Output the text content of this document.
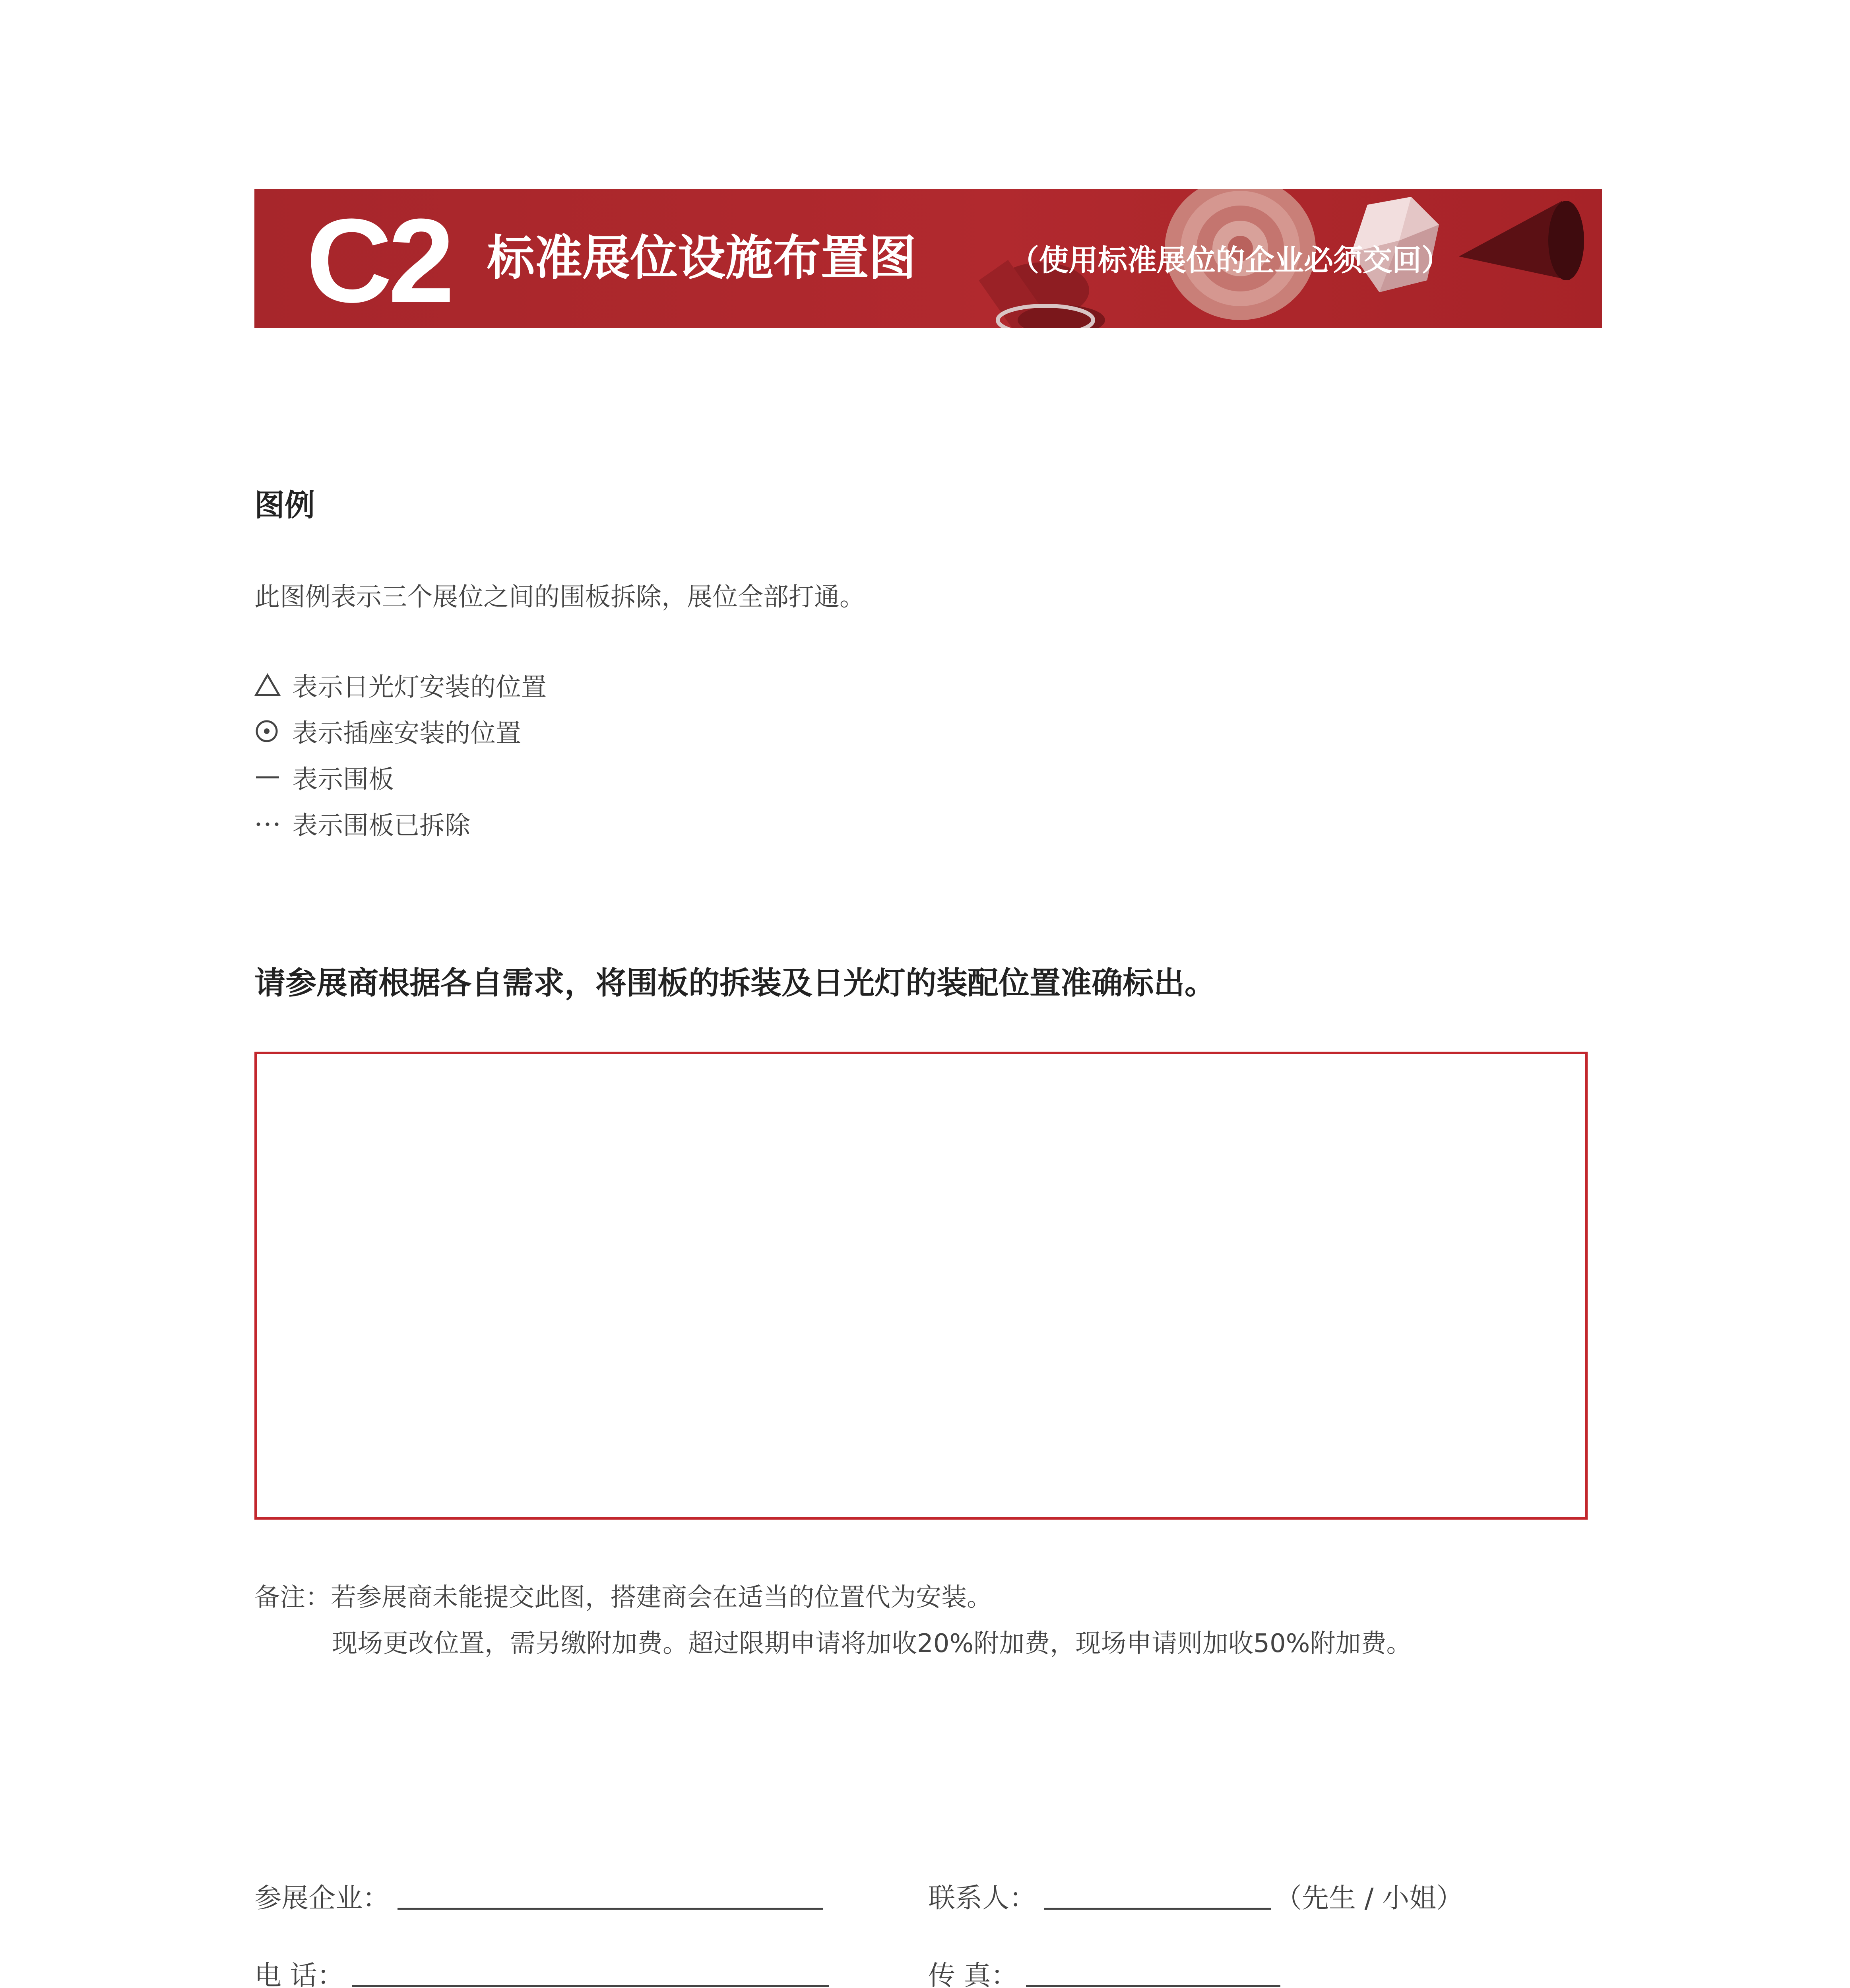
C2 标准展位设施布置图	（使用标准展位的企业必须交回）
图例
此图例表示三个展位之间的围板拆除，展位全部打通。
表示日光灯安装的位置
表示插座安装的位置
表示围板
表示围板已拆除
请参展商根据各自需求，将围板的拆装及日光灯的装配位置准确标出。
备注：若参展商未能提交此图，搭建商会在适当的位置代为安装。
现场更改位置，需另缴附加费。超过限期申请将加收20%附加费，现场申请则加收50%附加费。
参展企业：	联系人：	（先生 / 小姐）
电 话：	传 真：
